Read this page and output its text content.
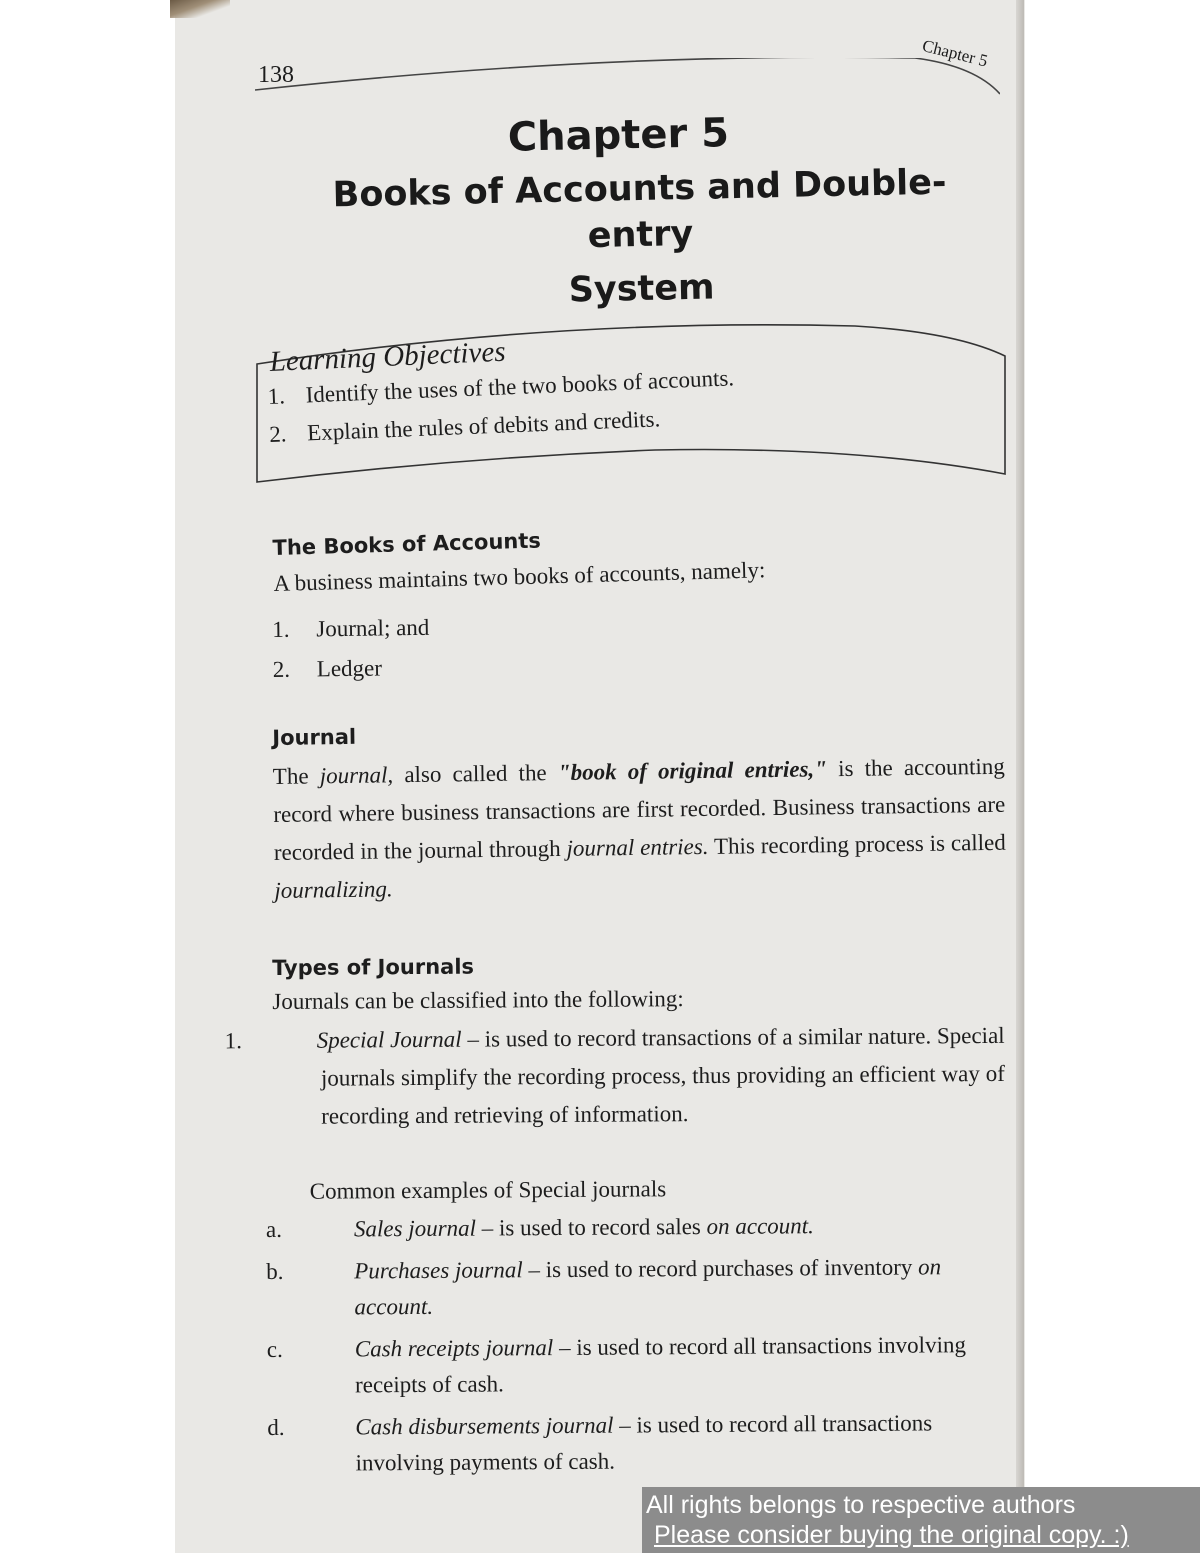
138
Chapter 5
Chapter 5
Books of Accounts and Double-entry
System
Learning Objectives
1. Identify the uses of the two books of accounts.
2. Explain the rules of debits and credits.
The Books of Accounts
A business maintains two books of accounts, namely:
1. Journal; and
2. Ledger
Journal
The journal, also called the "book of original entries," is the accounting record where business transactions are first recorded. Business transactions are recorded in the journal through journal entries. This recording process is called journalizing.
Types of Journals
Journals can be classified into the following:
1.	Special Journal – is used to record transactions of a similar nature. Special journals simplify the recording process, thus providing an efficient way of recording and retrieving of information.
Common examples of Special journals
a.	Sales journal – is used to record sales on account.
b.	Purchases journal – is used to record purchases of inventory on account.
c.	Cash receipts journal – is used to record all transactions involving receipts of cash.
d.	Cash disbursements journal – is used to record all transactions involving payments of cash.
All rights belongs to respective authors
Please consider buying the original copy. :)
